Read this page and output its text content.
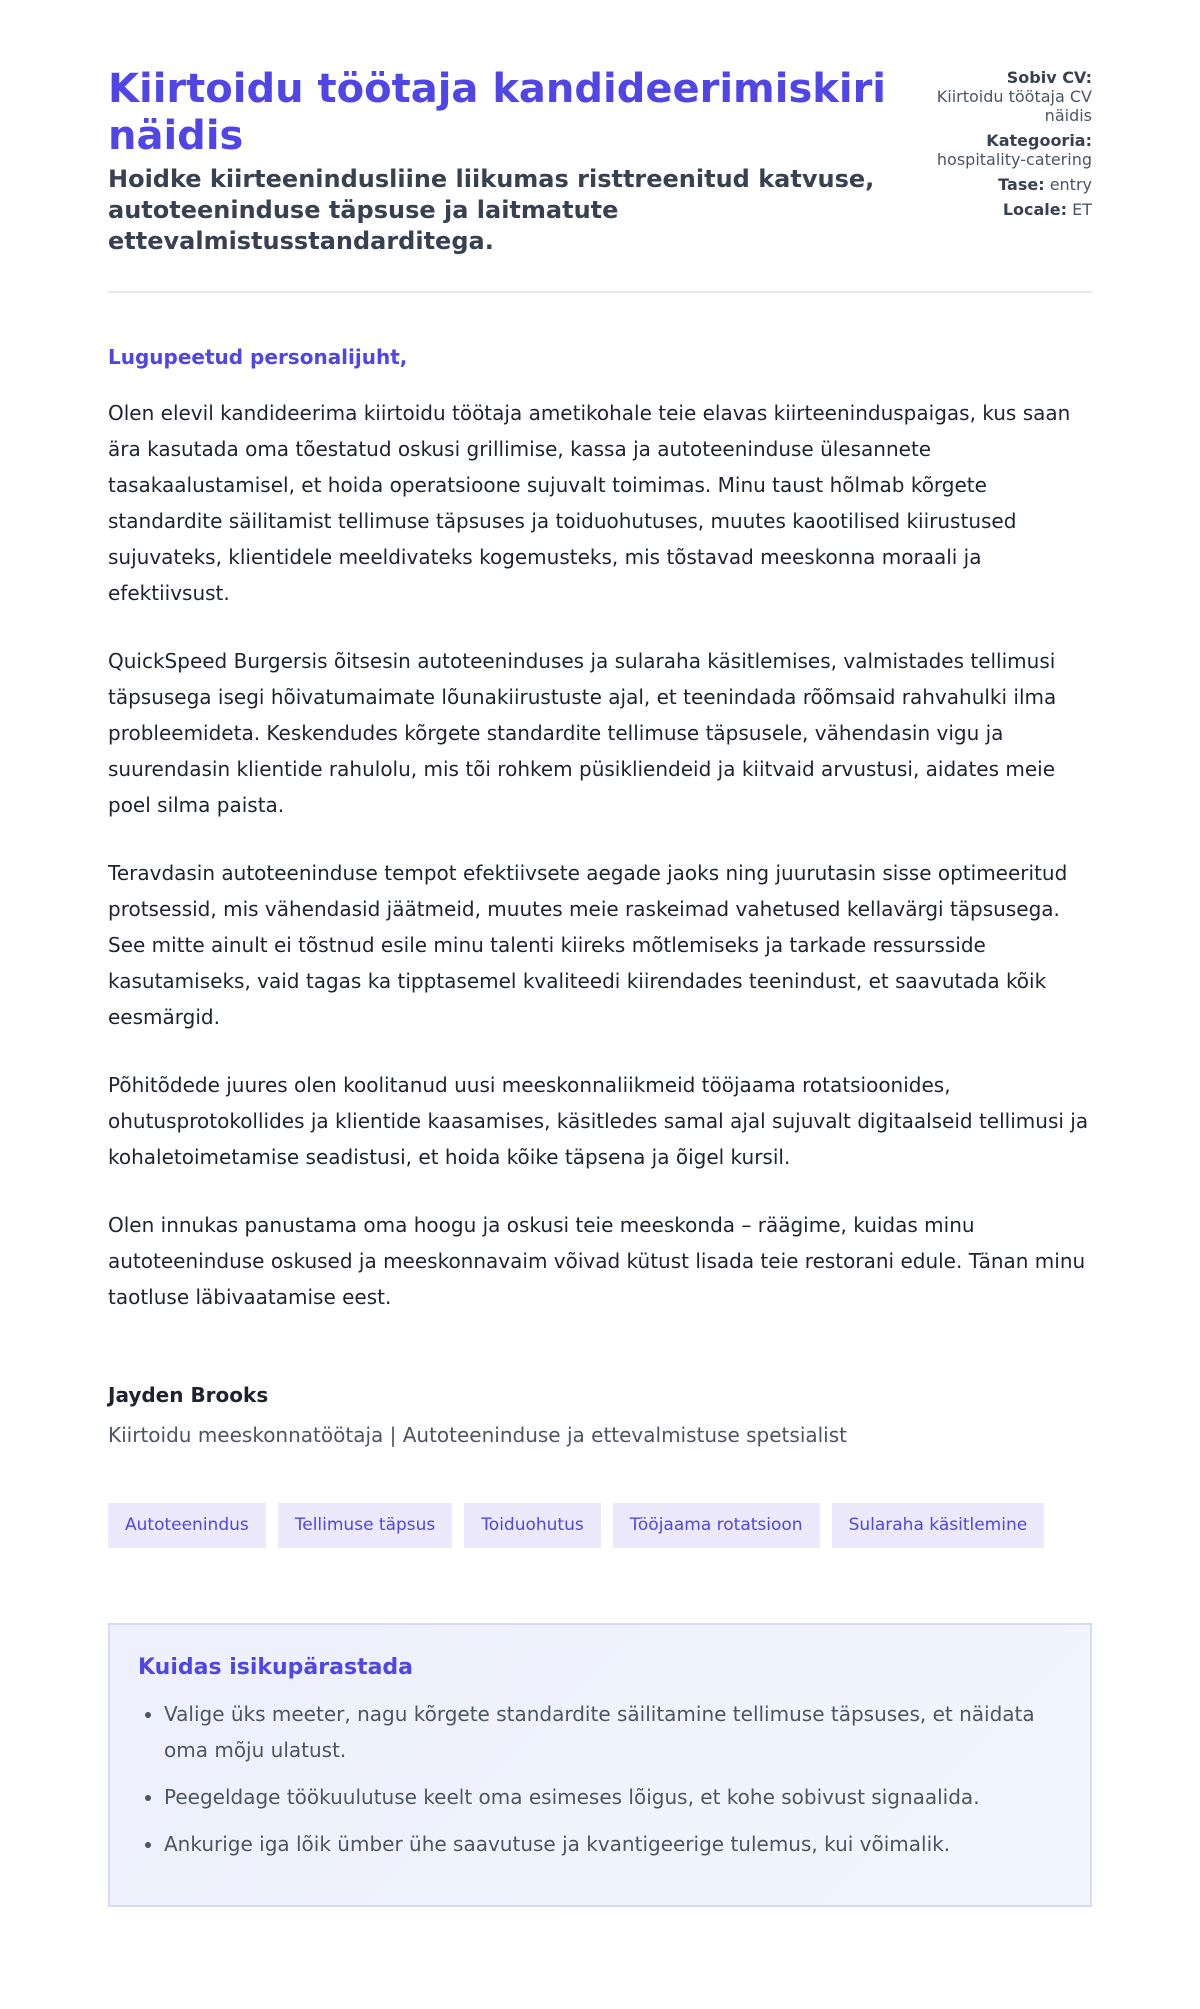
Kiirtoidu töötaja kandideerimiskiri näidis
Hoidke kiirteenindusliine liikumas risttreenitud katvuse, autoteeninduse täpsuse ja laitmatute ettevalmistusstandarditega.
Sobiv CV:
Kiirtoidu töötaja CV näidis
Kategooria:
hospitality-catering
Tase: entry
Locale: ET
Lugupeetud personalijuht,

Olen elevil kandideerima kiirtoidu töötaja ametikohale teie elavas kiirteeninduspaigas, kus saan ära kasutada oma tõestatud oskusi grillimise, kassa ja autoteeninduse ülesannete tasakaalustamisel, et hoida operatsioone sujuvalt toimimas. Minu taust hõlmab kõrgete standardite säilitamist tellimuse täpsuses ja toiduohutuses, muutes kaootilised kiirustused sujuvateks, klientidele meeldivateks kogemusteks, mis tõstavad meeskonna moraali ja efektiivsust.

QuickSpeed Burgersis õitsesin autoteeninduses ja sularaha käsitlemises, valmistades tellimusi täpsusega isegi hõivatumaimate lõunakiirustuste ajal, et teenindada rõõmsaid rahvahulki ilma probleemideta. Keskendudes kõrgete standardite tellimuse täpsusele, vähendasin vigu ja suurendasin klientide rahulolu, mis tõi rohkem püsikliendeid ja kiitvaid arvustusi, aidates meie poel silma paista.

Teravdasin autoteeninduse tempot efektiivsete aegade jaoks ning juurutasin sisse optimeeritud protsessid, mis vähendasid jäätmeid, muutes meie raskeimad vahetused kellavärgi täpsusega. See mitte ainult ei tõstnud esile minu talenti kiireks mõtlemiseks ja tarkade ressursside kasutamiseks, vaid tagas ka tipptasemel kvaliteedi kiirendades teenindust, et saavutada kõik eesmärgid.

Põhitõdede juures olen koolitanud uusi meeskonnaliikmeid tööjaama rotatsioonides, ohutusprotokollides ja klientide kaasamises, käsitledes samal ajal sujuvalt digitaalseid tellimusi ja kohaletoimetamise seadistusi, et hoida kõike täpsena ja õigel kursil.

Olen innukas panustama oma hoogu ja oskusi teie meeskonda – räägime, kuidas minu autoteeninduse oskused ja meeskonnavaim võivad kütust lisada teie restorani edule. Tänan minu taotluse läbivaatamise eest.

Jayden Brooks
Kiirtoidu meeskonnatöötaja | Autoteeninduse ja ettevalmistuse spetsialist
Autoteenindus	Tellimuse täpsus	Toiduohutus	Tööjaama rotatsioon	Sularaha käsitlemine
Kuidas isikupärastada
• Valige üks meeter, nagu kõrgete standardite säilitamine tellimuse täpsuses, et näidata oma mõju ulatust.
• Peegeldage töökuulutuse keelt oma esimeses lõigus, et kohe sobivust signaalida.
• Ankurige iga lõik ümber ühe saavutuse ja kvantigeerige tulemus, kui võimalik.
